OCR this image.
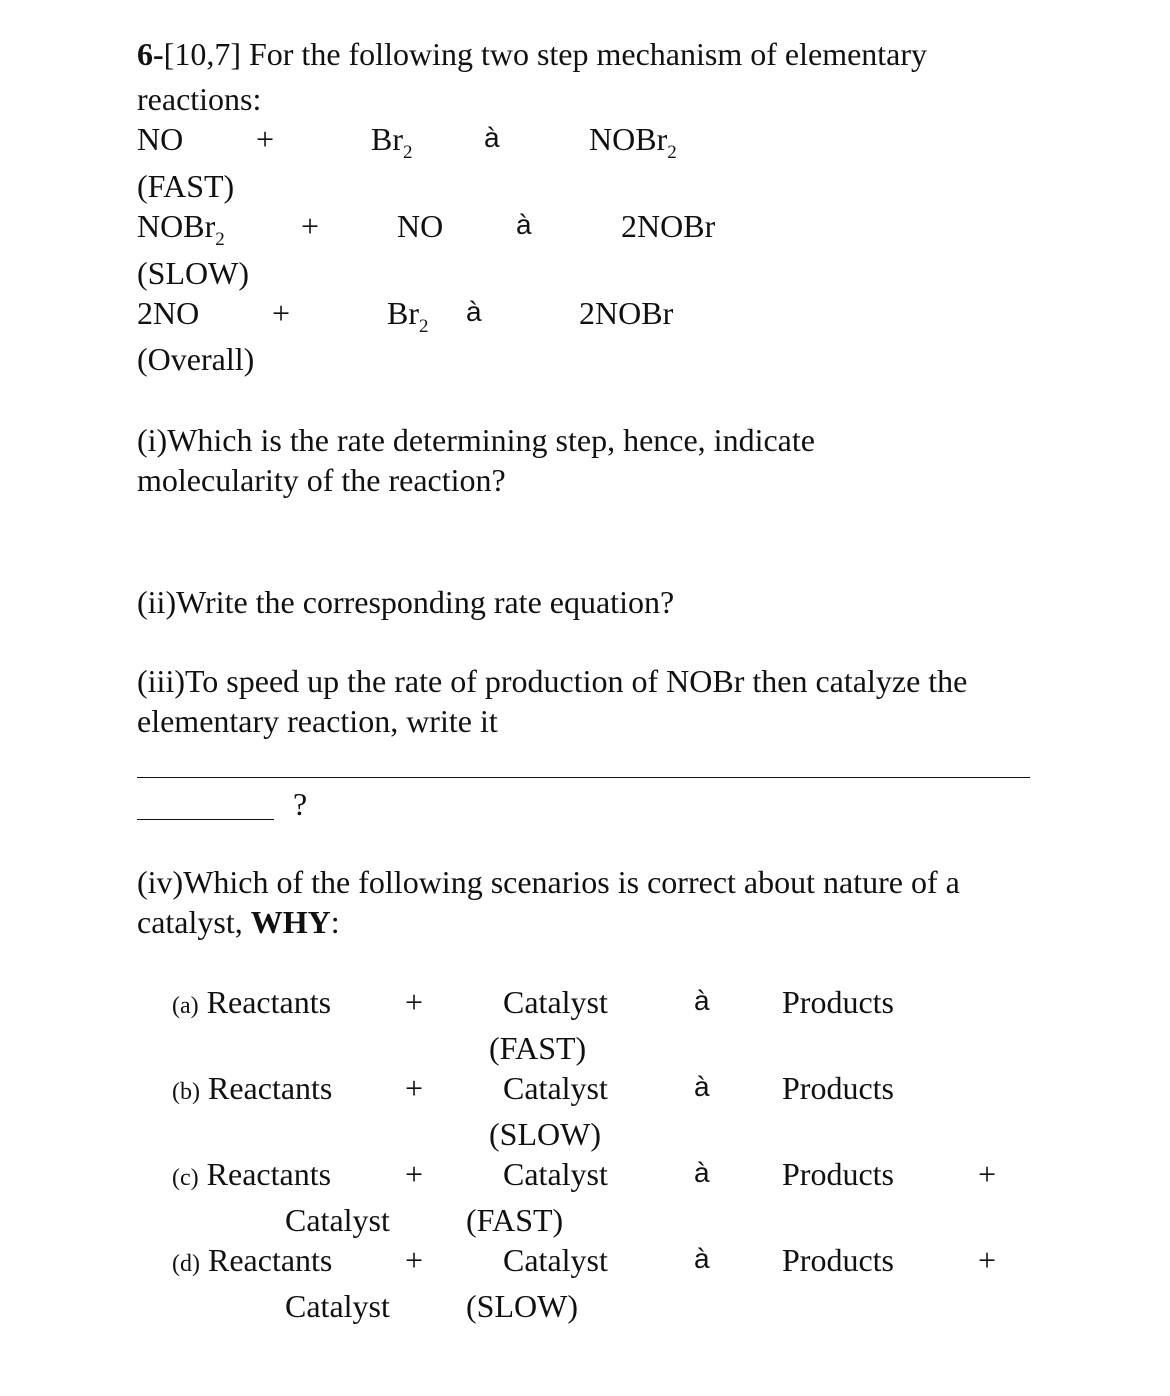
6-[10,7] For the following two step mechanism of elementary
reactions:
NO +	$Br_2$	à	NOBr$_2$
(FAST)
NOBr$_2$ + NO	à	2NOBr
(SLOW)
2NO +	$Br_2$ à	2NOBr
(Overall)
(i)Which is the rate determining step, hence, indicate
molecularity of the reaction?
(ii)Write the corresponding rate equation?
(iii)To speed up the rate of production of NOBr then catalyze the
elementary reaction, write it
?
(iv)Which of the following scenarios is correct about nature of a
catalyst, WHY:
(a) Reactants + Catalyst	à Products
(FAST)
(b) Reactants + Catalyst	à Products
(SLOW)
(c) Reactants + Catalyst	à Products	+
Catalyst (FAST)
(d) Reactants + Catalyst	à Products	+
Catalyst (SLOW)
